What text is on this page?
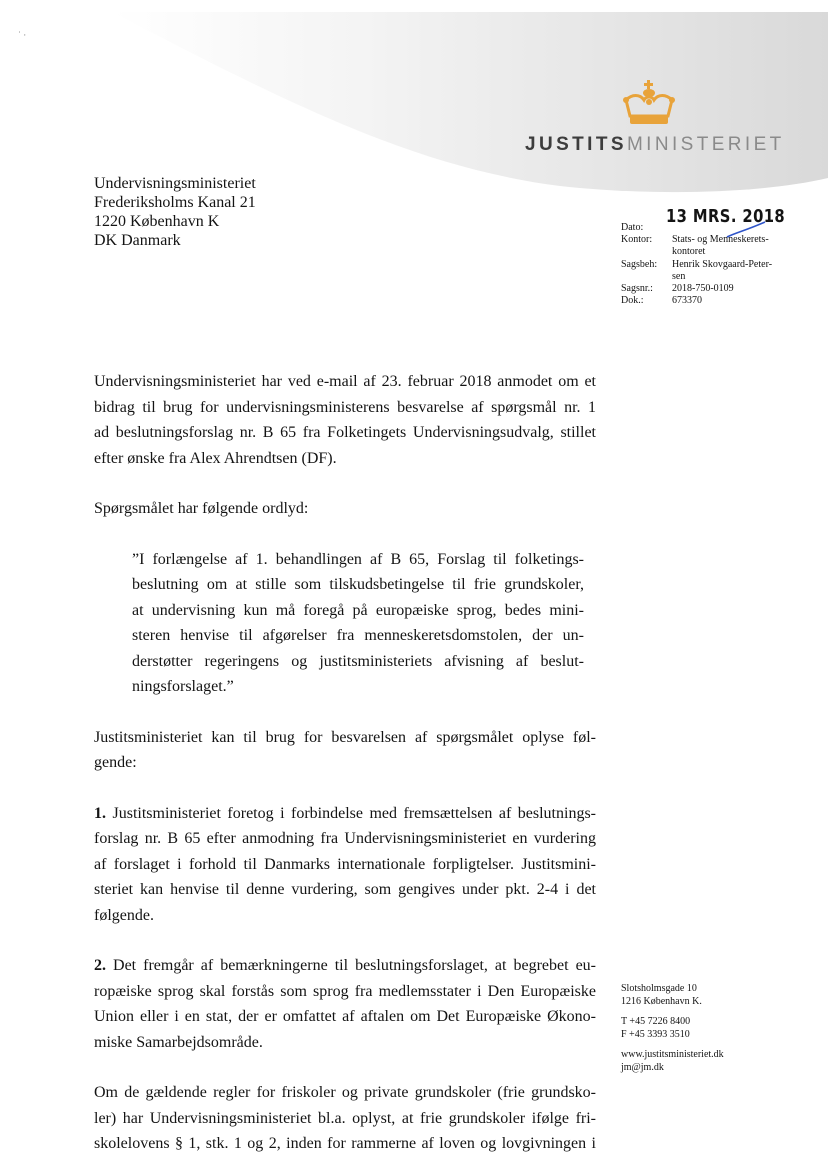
˙ ·
JUSTITSMINISTERIET
Undervisningsministeriet
Frederiksholms Kanal 21
1220 København K
DK Danmark
13 MRS. 2018
Dato:
Kontor:	Stats- og Menneskerets-
kontoret
Sagsbeh:	Henrik Skovgaard-Peter-
sen
Sagsnr.:	2018-750-0109
Dok.:	673370

Undervisningsministeriet har ved e-mail af 23. februar 2018 anmodet om et
bidrag til brug for undervisningsministerens besvarelse af spørgsmål nr. 1
ad beslutningsforslag nr. B 65 fra Folketingets Undervisningsudvalg, stillet
efter ønske fra Alex Ahrendtsen (DF).

Spørgsmålet har følgende ordlyd:

”I forlængelse af 1. behandlingen af B 65, Forslag til folketings-
beslutning om at stille som tilskudsbetingelse til frie grundskoler,
at undervisning kun må foregå på europæiske sprog, bedes mini-
steren henvise til afgørelser fra menneskeretsdomstolen, der un-
derstøtter regeringens og justitsministeriets afvisning af beslut-
ningsforslaget.”

Justitsministeriet kan til brug for besvarelsen af spørgsmålet oplyse føl-
gende:

1. Justitsministeriet foretog i forbindelse med fremsættelsen af beslutnings-
forslag nr. B 65 efter anmodning fra Undervisningsministeriet en vurdering
af forslaget i forhold til Danmarks internationale forpligtelser. Justitsmini-
steriet kan henvise til denne vurdering, som gengives under pkt. 2-4 i det
følgende.

2. Det fremgår af bemærkningerne til beslutningsforslaget, at begrebet eu-
ropæiske sprog skal forstås som sprog fra medlemsstater i Den Europæiske
Union eller i en stat, der er omfattet af aftalen om Det Europæiske Økono-
miske Samarbejdsområde.

Om de gældende regler for friskoler og private grundskoler (frie grundsko-
ler) har Undervisningsministeriet bl.a. oplyst, at frie grundskoler ifølge fri-
skolelovens § 1, stk. 1 og 2, inden for rammerne af loven og lovgivningen i

Slotsholmsgade 10
1216 København K.
T +45 7226 8400
F +45 3393 3510
www.justitsministeriet.dk
jm@jm.dk
